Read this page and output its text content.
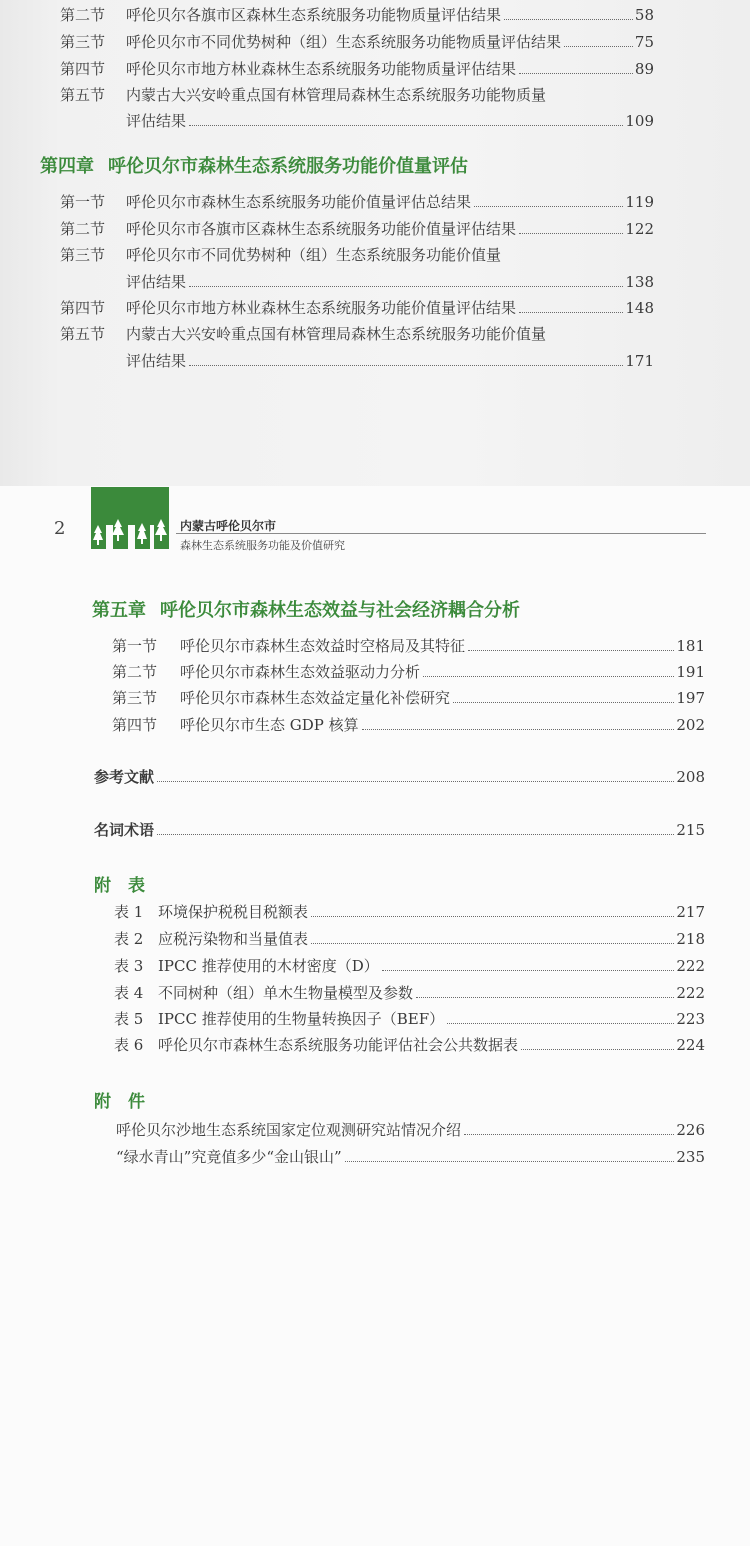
第二节	呼伦贝尔各旗市区森林生态系统服务功能物质量评估结果	58
第三节	呼伦贝尔市不同优势树种（组）生态系统服务功能物质量评估结果	75
第四节	呼伦贝尔市地方林业森林生态系统服务功能物质量评估结果	89
第五节 内蒙古大兴安岭重点国有林管理局森林生态系统服务功能物质量
评估结果	109
第四章 呼伦贝尔市森林生态系统服务功能价值量评估
第一节	呼伦贝尔市森林生态系统服务功能价值量评估总结果	119
第二节	呼伦贝尔市各旗市区森林生态系统服务功能价值量评估结果	122
第三节 呼伦贝尔市不同优势树种（组）生态系统服务功能价值量
评估结果	138
第四节	呼伦贝尔市地方林业森林生态系统服务功能价值量评估结果	148
第五节 内蒙古大兴安岭重点国有林管理局森林生态系统服务功能价值量
评估结果	171
2	内蒙古呼伦贝尔市
森林生态系统服务功能及价值研究
第五章 呼伦贝尔市森林生态效益与社会经济耦合分析
第一节	呼伦贝尔市森林生态效益时空格局及其特征	181
第二节	呼伦贝尔市森林生态效益驱动力分析	191
第三节	呼伦贝尔市森林生态效益定量化补偿研究	197
第四节	呼伦贝尔市生态 GDP 核算	202
参考文献	208
名词术语	215
附　表
表 1 环境保护税税目税额表	217
表 2 应税污染物和当量值表	218
表 3 IPCC 推荐使用的木材密度（D）	222
表 4 不同树种（组）单木生物量模型及参数	222
表 5 IPCC 推荐使用的生物量转换因子（BEF）	223
表 6 呼伦贝尔市森林生态系统服务功能评估社会公共数据表	224
附　件
呼伦贝尔沙地生态系统国家定位观测研究站情况介绍	226
“绿水青山”究竟值多少“金山银山”	235
